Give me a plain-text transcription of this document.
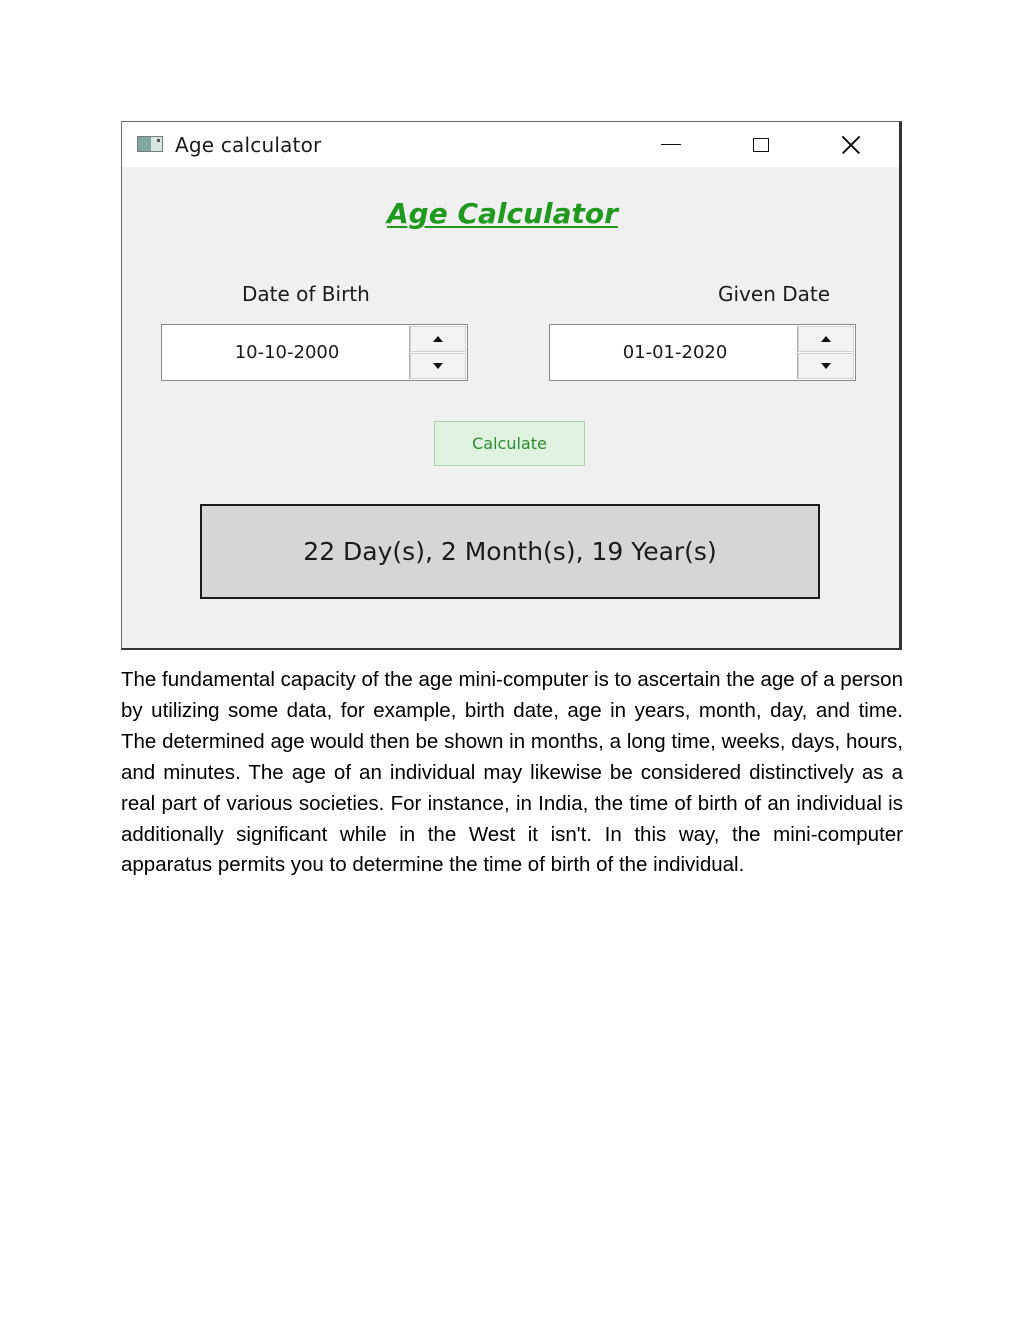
Age calculator
Age Calculator
Date of Birth	Given Date
10-10-2000	01-01-2020
Calculate
22 Day(s), 2 Month(s), 19 Year(s)

The fundamental capacity of the age mini-computer is to ascertain the age of a person by utilizing some data, for example, birth date, age in years, month, day, and time. The determined age would then be shown in months, a long time, weeks, days, hours, and minutes. The age of an individual may likewise be considered distinctively as a real part of various societies. For instance, in India, the time of birth of an individual is additionally significant while in the West it isn't. In this way, the mini-computer apparatus permits you to determine the time of birth of the individual.
